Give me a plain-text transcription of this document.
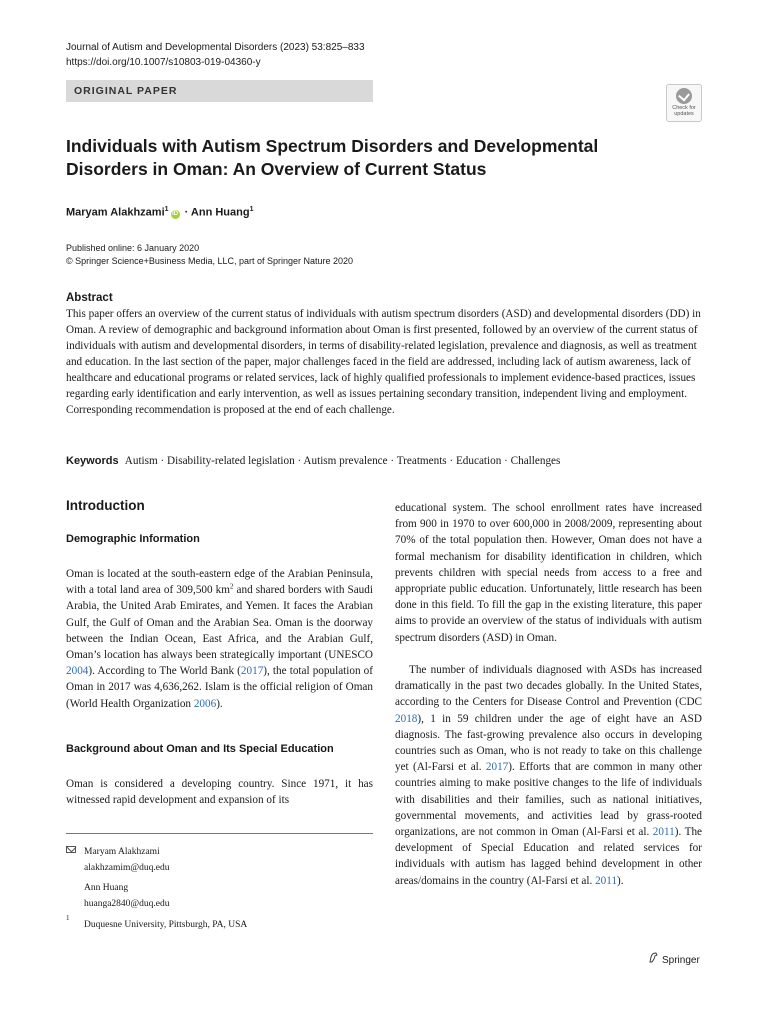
Journal of Autism and Developmental Disorders (2023) 53:825–833
https://doi.org/10.1007/s10803-019-04360-y
ORIGINAL PAPER
Check for
updates
Individuals with Autism Spectrum Disorders and Developmental Disorders in Oman: An Overview of Current Status
Maryam Alakhzami$^1$iD · Ann Huang$^1$
Published online: 6 January 2020
© Springer Science+Business Media, LLC, part of Springer Nature 2020
Abstract

This paper offers an overview of the current status of individuals with autism spectrum disorders (ASD) and developmental disorders (DD) in Oman. A review of demographic and background information about Oman is first presented, followed by an overview of the current status of individuals with autism and developmental disorders, in terms of disability-related legislation, prevalence and diagnosis, as well as treatment and education. In the last section of the paper, major challenges faced in the field are addressed, including lack of autism awareness, lack of healthcare and educational programs or related services, lack of highly qualified professionals to implement evidence-based practices, issues regarding early identification and early intervention, as well as issues pertaining secondary transition, independent living and employment. Corresponding recommendation is proposed at the end of each challenge.

Keywords Autism · Disability-related legislation · Autism prevalence · Treatments · Education · Challenges
Introduction
Demographic Information

Oman is located at the south-eastern edge of the Arabian Peninsula, with a total land area of 309,500 $km^2$ and shared borders with Saudi Arabia, the United Arab Emirates, and Yemen. It faces the Arabian Gulf, the Gulf of Oman and the Arabian Sea. Oman is the doorway between the Indian Ocean, East Africa, and the Arabian Gulf, Oman’s location has always been strategically important (UNESCO 2004). According to The World Bank (2017), the total population of Oman in 2017 was 4,636,262. Islam is the official religion of Oman (World Health Organization 2006).

Background about Oman and Its Special Education

Oman is considered a developing country. Since 1971, it has witnessed rapid development and expansion of its

Maryam Alakhzami
alakhzamim@duq.edu
Ann Huang
huanga2840@duq.edu
1
Duquesne University, Pittsburgh, PA, USA

educational system. The school enrollment rates have increased from 900 in 1970 to over 600,000 in 2008/2009, representing about 70% of the total population then. However, Oman does not have a formal mechanism for disability identification in children, which prevents children with special needs from access to a free and appropriate public education. Unfortunately, little research has been done in this field. To fill the gap in the existing literature, this paper aims to provide an overview of the status of individuals with autism spectrum disorders (ASD) in Oman.

The number of individuals diagnosed with ASDs has increased dramatically in the past two decades globally. In the United States, according to the Centers for Disease Control and Prevention (CDC 2018), 1 in 59 children under the age of eight have an ASD diagnosis. The fast-growing prevalence also occurs in developing countries such as Oman, who is not ready to take on this challenge yet (Al-Farsi et al. 2017). Efforts that are common in many other countries aiming to make positive changes to the life of individuals with disabilities and their families, such as national initiatives, governmental movements, and activities lead by grass-rooted organizations, are not common in Oman (Al-Farsi et al. 2011). The development of Special Education and related services for individuals with autism has lagged behind development in other areas/domains in the country (Al-Farsi et al. 2011).

Springer
